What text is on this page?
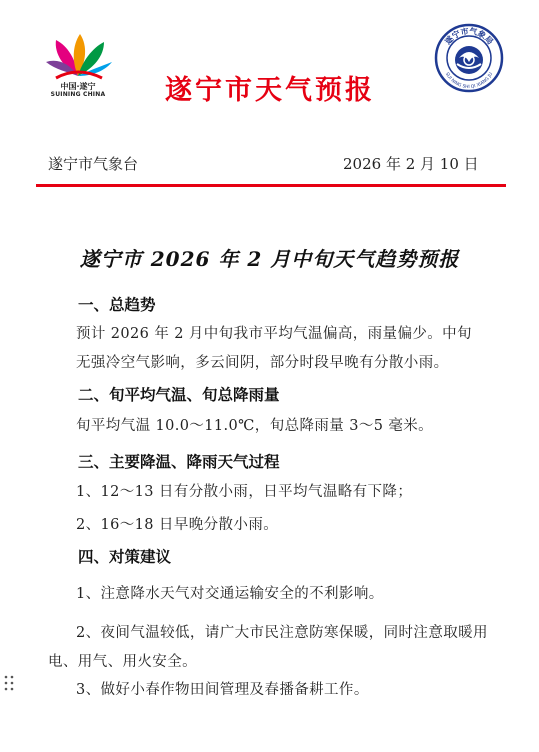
中国·遂宁
SUINING CHINA	遂宁市天气预报
遂宁市气象局
SUI NING SHI QI XIANG JU
遂宁市气象台	2026 年 2 月 10 日
遂宁市 2026 年 2 月中旬天气趋势预报
一、总趋势
预计 2026 年 2 月中旬我市平均气温偏高，雨量偏少。中旬无强冷空气影响，多云间阴，部分时段早晚有分散小雨。
二、旬平均气温、旬总降雨量
旬平均气温 10.0～11.0℃，旬总降雨量 3～5 毫米。
三、主要降温、降雨天气过程
1、12～13 日有分散小雨，日平均气温略有下降；
2、16～18 日早晚分散小雨。
四、对策建议
1、注意降水天气对交通运输安全的不利影响。
2、夜间气温较低，请广大市民注意防寒保暖，同时注意取暖用电、用气、用火安全。
3、做好小春作物田间管理及春播备耕工作。
